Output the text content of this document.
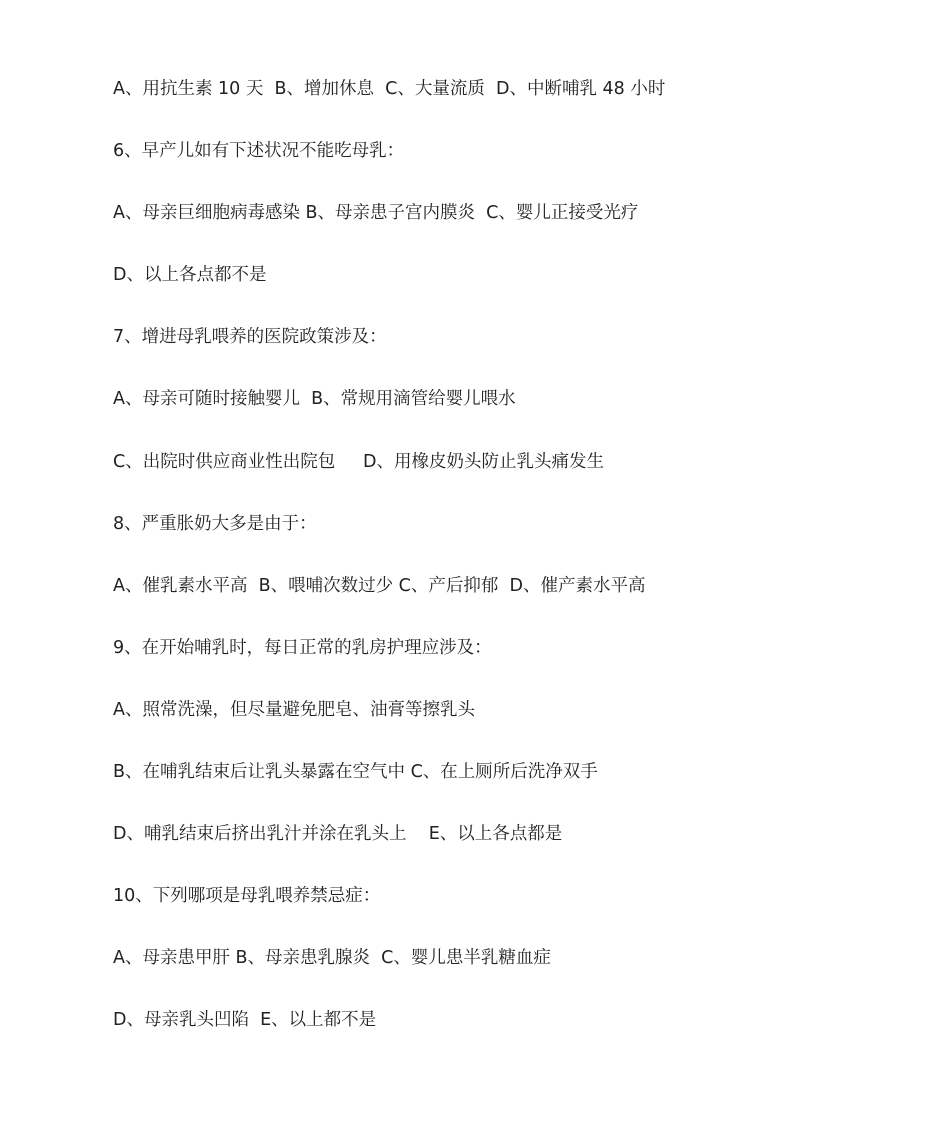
A、用抗生素 10 天  B、增加休息  C、大量流质  D、中断哺乳 48 小时
6、早产儿如有下述状况不能吃母乳：
A、母亲巨细胞病毒感染 B、母亲患子宫内膜炎  C、婴儿正接受光疗
D、以上各点都不是
7、增进母乳喂养的医院政策涉及：
A、母亲可随时接触婴儿  B、常规用滴管给婴儿喂水
C、出院时供应商业性出院包     D、用橡皮奶头防止乳头痛发生
8、严重胀奶大多是由于：
A、催乳素水平高  B、喂哺次数过少 C、产后抑郁  D、催产素水平高
9、在开始哺乳时，每日正常的乳房护理应涉及：
A、照常洗澡，但尽量避免肥皂、油膏等擦乳头
B、在哺乳结束后让乳头暴露在空气中 C、在上厕所后洗净双手
D、哺乳结束后挤出乳汁并涂在乳头上    E、以上各点都是
10、下列哪项是母乳喂养禁忌症：
A、母亲患甲肝 B、母亲患乳腺炎  C、婴儿患半乳糖血症
D、母亲乳头凹陷  E、以上都不是
